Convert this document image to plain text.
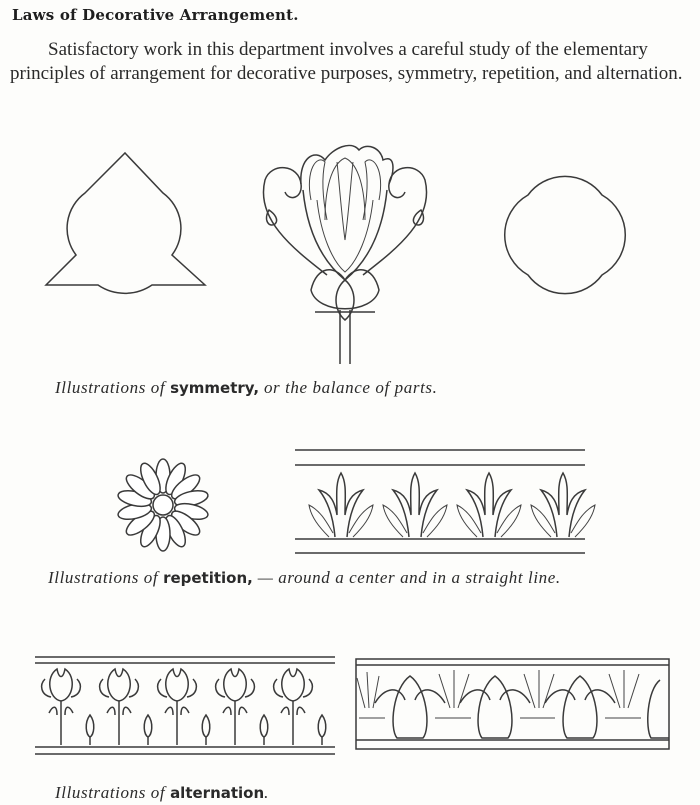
Laws of Decorative Arrangement.

Satisfactory work in this department involves a careful study of the elementary principles of arrangement for decorative purposes, symmetry, repetition, and alternation.

Illustrations of symmetry, or the balance of parts.
Illustrations of repetition, — around a center and in a straight line.
Illustrations of alternation.
